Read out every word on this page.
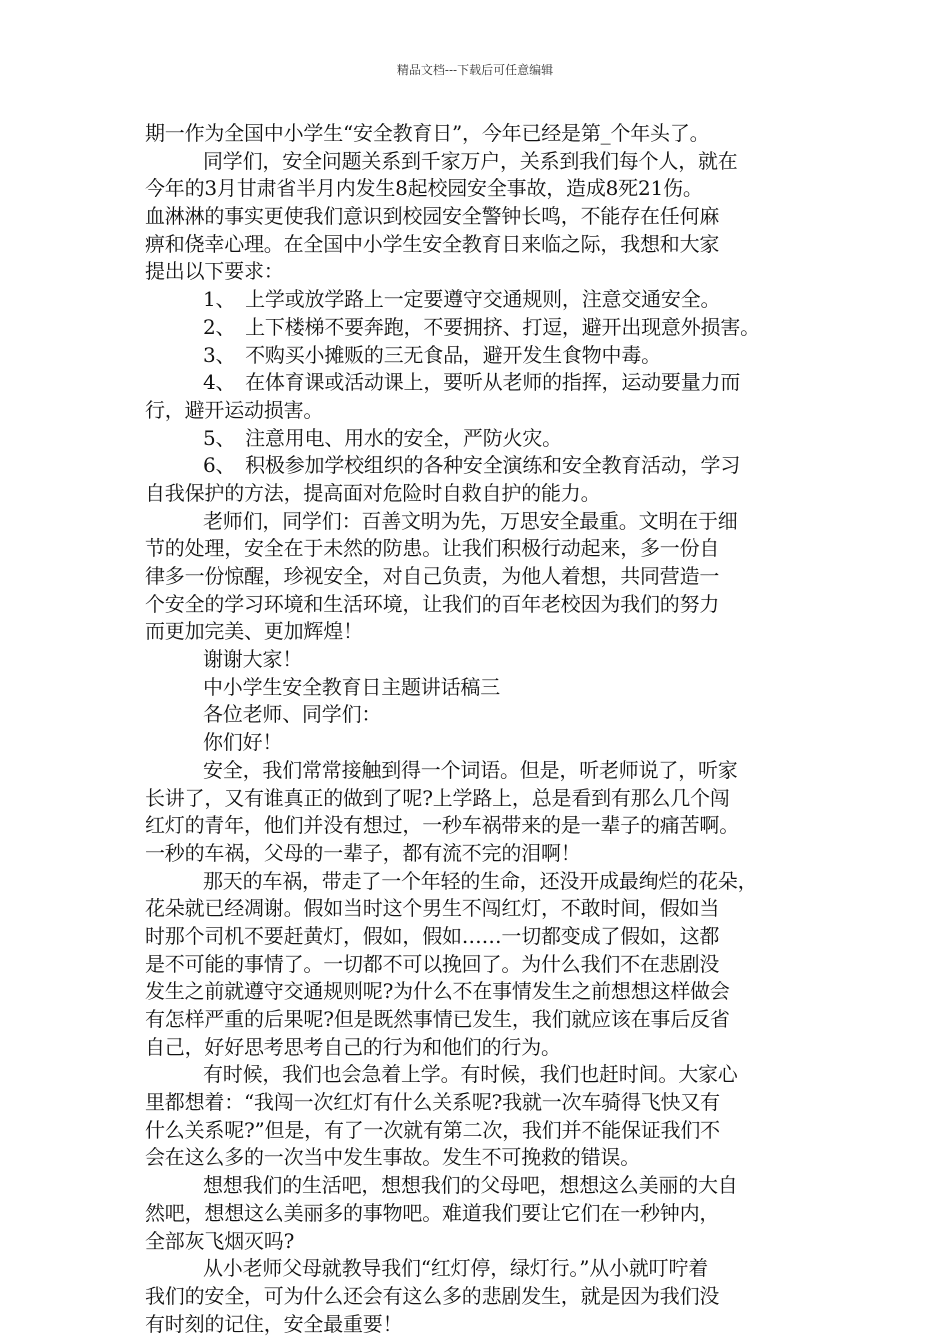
精品文档---下载后可任意编辑
期一作为全国中小学生“安全教育日”，今年已经是第_个年头了。
同学们，安全问题关系到千家万户，关系到我们每个人，就在
今年的3月甘肃省半月内发生8起校园安全事故，造成8死21伤。
血淋淋的事实更使我们意识到校园安全警钟长鸣，不能存在任何麻
痹和侥幸心理。在全国中小学生安全教育日来临之际，我想和大家
提出以下要求：
1、　上学或放学路上一定要遵守交通规则，注意交通安全。
2、　上下楼梯不要奔跑，不要拥挤、打逗，避开出现意外损害。
3、　不购买小摊贩的三无食品，避开发生食物中毒。
4、　在体育课或活动课上，要听从老师的指挥，运动要量力而
行，避开运动损害。
5、　注意用电、用水的安全，严防火灾。
6、　积极参加学校组织的各种安全演练和安全教育活动，学习
自我保护的方法，提高面对危险时自救自护的能力。
老师们，同学们：百善文明为先，万思安全最重。文明在于细
节的处理，安全在于未然的防患。让我们积极行动起来，多一份自
律多一份惊醒，珍视安全，对自己负责，为他人着想，共同营造一
个安全的学习环境和生活环境，让我们的百年老校因为我们的努力
而更加完美、更加辉煌！
谢谢大家！
中小学生安全教育日主题讲话稿三
各位老师、同学们：
你们好！
安全，我们常常接触到得一个词语。但是，听老师说了，听家
长讲了，又有谁真正的做到了呢?上学路上，总是看到有那么几个闯
红灯的青年，他们并没有想过，一秒车祸带来的是一辈子的痛苦啊。
一秒的车祸，父母的一辈子，都有流不完的泪啊！
那天的车祸，带走了一个年轻的生命，还没开成最绚烂的花朵，
花朵就已经凋谢。假如当时这个男生不闯红灯，不敢时间，假如当
时那个司机不要赶黄灯，假如，假如……一切都变成了假如，这都
是不可能的事情了。一切都不可以挽回了。为什么我们不在悲剧没
发生之前就遵守交通规则呢?为什么不在事情发生之前想想这样做会
有怎样严重的后果呢?但是既然事情已发生，我们就应该在事后反省
自己，好好思考思考自己的行为和他们的行为。
有时候，我们也会急着上学。有时候，我们也赶时间。大家心
里都想着：“我闯一次红灯有什么关系呢?我就一次车骑得飞快又有
什么关系呢?”但是，有了一次就有第二次，我们并不能保证我们不
会在这么多的一次当中发生事故。发生不可挽救的错误。
想想我们的生活吧，想想我们的父母吧，想想这么美丽的大自
然吧，想想这么美丽多的事物吧。难道我们要让它们在一秒钟内，
全部灰飞烟灭吗?
从小老师父母就教导我们“红灯停，绿灯行。”从小就叮咛着
我们的安全，可为什么还会有这么多的悲剧发生，就是因为我们没
有时刻的记住，安全最重要！
